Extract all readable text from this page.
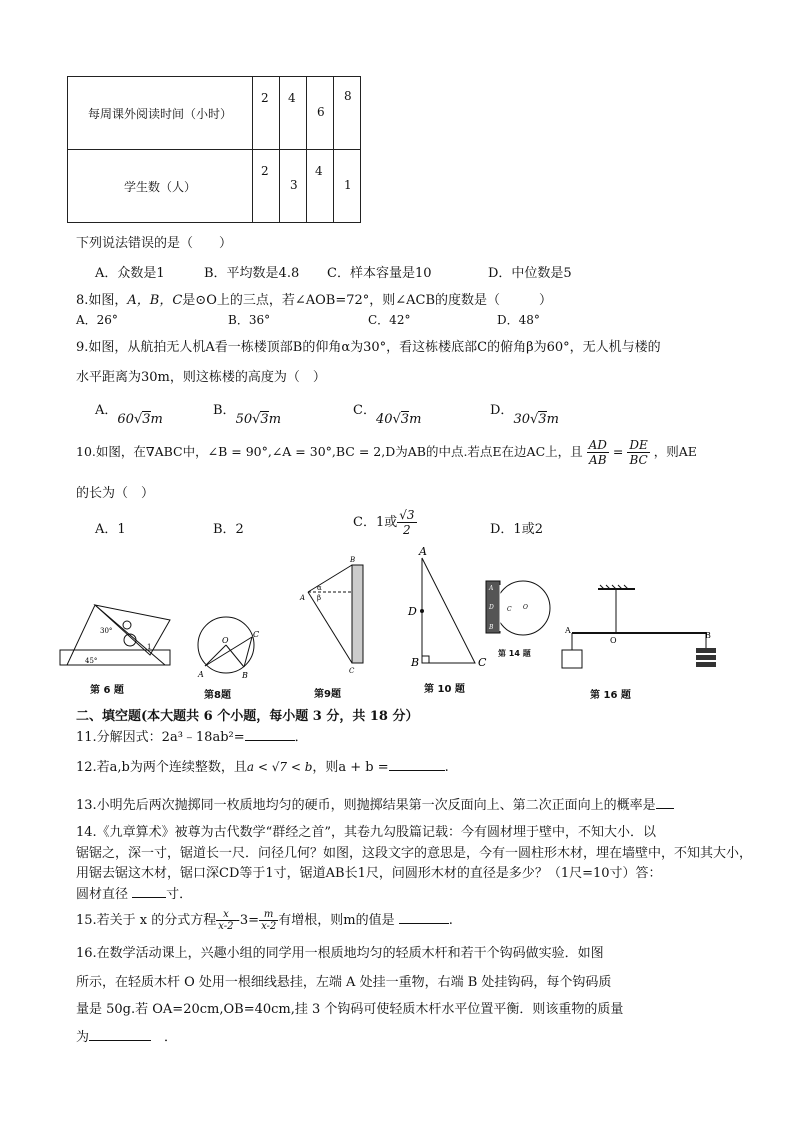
每周课外阅读时间（小时）	2	4	6	8

学生数（人）	2	3	4	1
下列说法错误的是（　　）
A．众数是1	B．平均数是4.8 C．样本容量是10	D．中位数是5
8.如图，A，B，C是⊙O上的三点，若∠AOB=72°，则∠ACB的度数是（　　　）
A．26°	B．36°	C．42°	D．48°
9.如图，从航拍无人机A看一栋楼顶部B的仰角α为30°，看这栋楼底部C的俯角β为60°，无人机与楼的
水平距离为30m，则这栋楼的高度为（　）
A．60√3m
B．50√3m
C．40√3m
D．30√3m
10.如图，在∇ABC中，∠B = 90°,∠A = 30°,BC = 2,D为AB的中点.若点E在边AC上，且 $\frac{AD}{AB} = \frac{DE}{BC}$ ，则AE
的长为（　）
A．1	B．2	C．1或 $\frac{√3}{2}$	D．1或2
30°
45°
1
A	B
C
O
A
B
C
α
β
A
D
B	C
A
D
B
C O
A
O
B
第 6 题	第8题	第9题	第 10 题
第 14 题
第 16 题
二、填空题(本大题共 6 个小题，每小题 3 分，共 18 分）
11.分解因式：2a³﹣18ab²=	．
12.若a,b为两个连续整数，且a < √7 < b，则a + b =	.
13.小明先后两次抛掷同一枚质地均匀的硬币，则抛掷结果第一次反面向上、第二次正面向上的概率是
14.《九章算术》被尊为古代数学“群经之首”，其卷九勾股篇记载：今有圆材埋于壁中，不知大小．以
锯锯之，深一寸，锯道长一尺．问径几何？如图，这段文字的意思是，今有一圆柱形木材，埋在墙壁中，不知其大小，
用锯去锯这木材，锯口深CD等于1寸，锯道AB长1尺，问圆形木材的直径是多少？（1尺=10寸）答：
圆材直径	寸．
15.若关于 x 的分式方程 $\frac{x}{x-2} -3= \frac{m}{x-2}$ 有增根，则m的值是	.
16.在数学活动课上，兴趣小组的同学用一根质地均匀的轻质木杆和若干个钩码做实验．如图
所示，在轻质木杆 O 处用一根细线悬挂，左端 A 处挂一重物，右端 B 处挂钩码，每个钩码质
量是 50g.若 OA=20cm,OB=40cm,挂 3 个钩码可使轻质木杆水平位置平衡．则该重物的质量
为　	．
